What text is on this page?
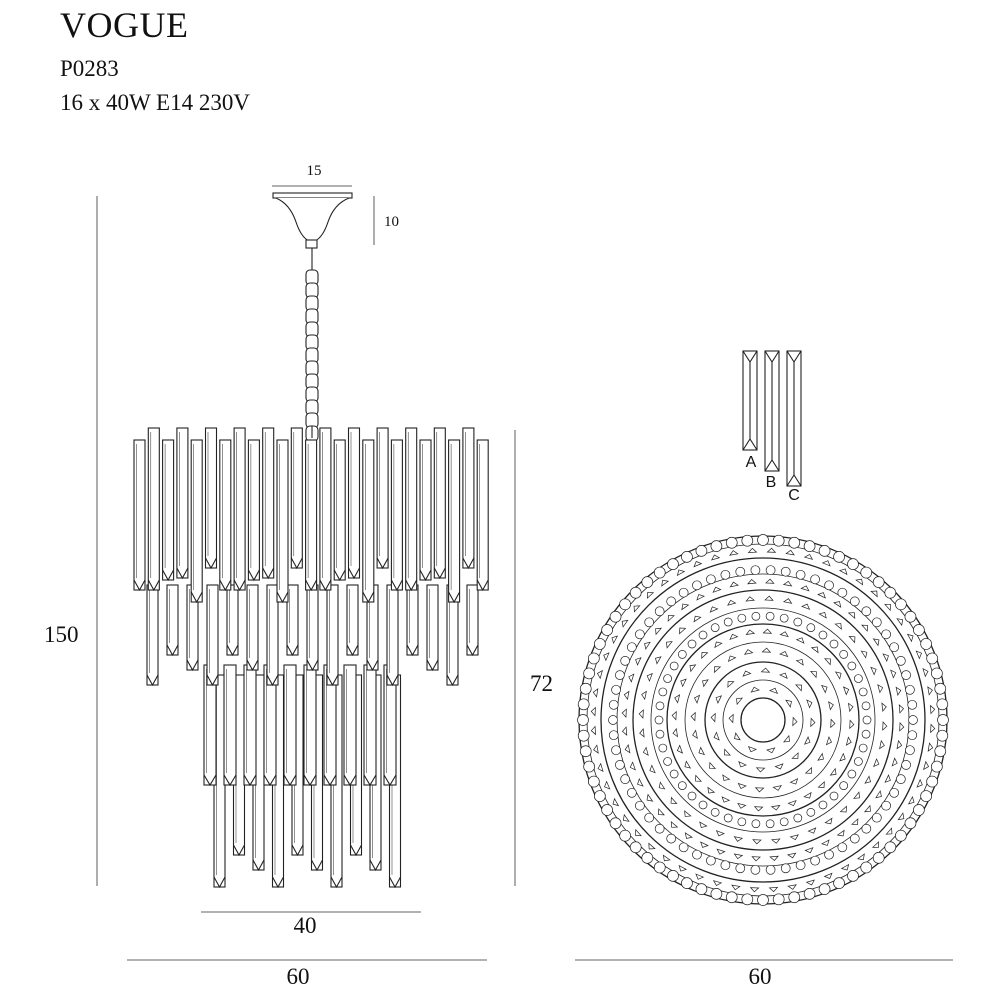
VOGUE
P0283
16 x 40W E14 230V
15
10
150
72
40
60	60
A
B
C
